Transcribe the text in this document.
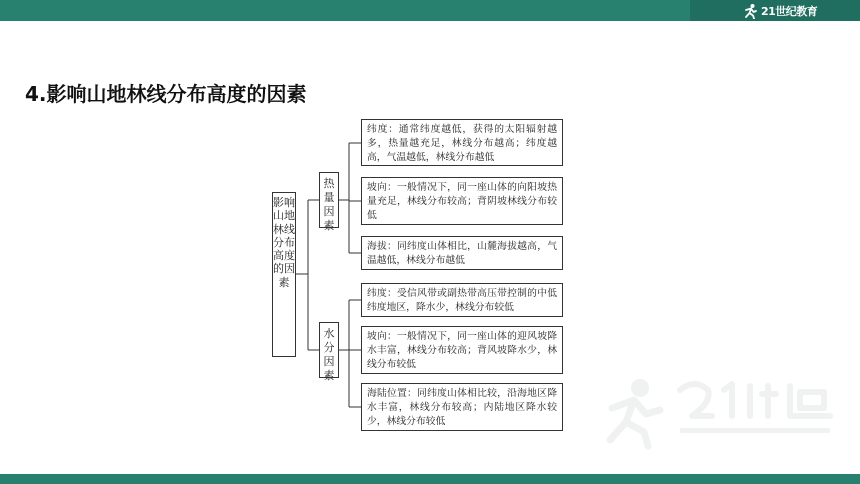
21世纪教育
4.影响山地林线分布高度的因素
影响山地林线分布高度的因素
热量因素
水分因素
纬度：通常纬度越低，获得的太阳辐射越多，热量越充足，林线分布越高；纬度越高，气温越低，林线分布越低
坡向：一般情况下，同一座山体的向阳坡热量充足，林线分布较高；背阴坡林线分布较低
海拔：同纬度山体相比，山麓海拔越高，气温越低，林线分布越低
纬度：受信风带或副热带高压带控制的中低纬度地区，降水少，林线分布较低
坡向：一般情况下，同一座山体的迎风坡降水丰富，林线分布较高；背风坡降水少，林线分布较低
海陆位置：同纬度山体相比较，沿海地区降水丰富，林线分布较高；内陆地区降水较少，林线分布较低
